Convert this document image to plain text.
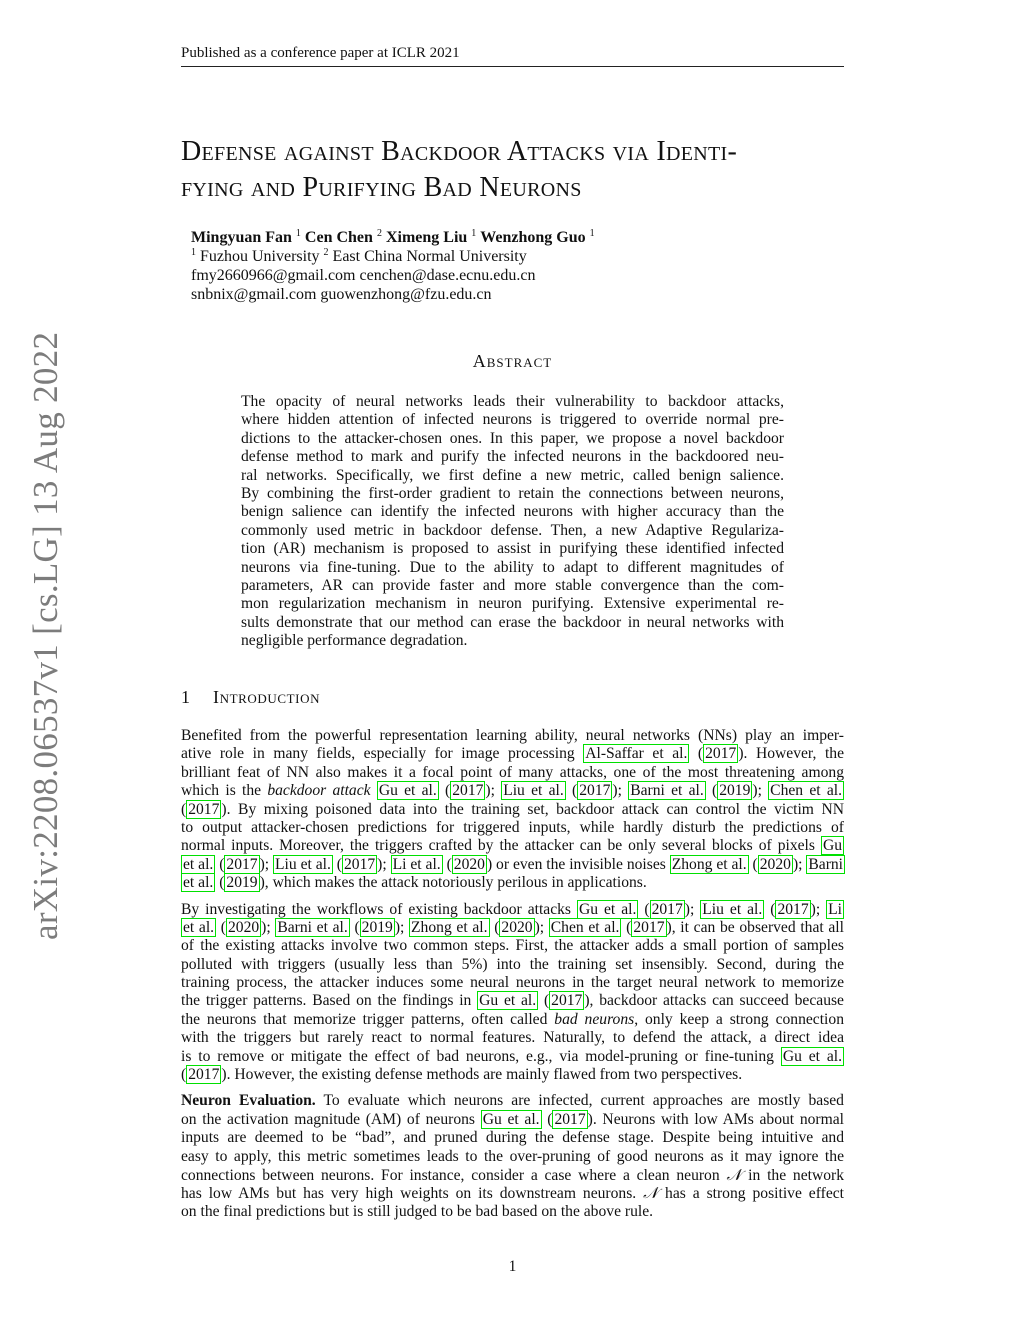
Published as a conference paper at ICLR 2021
arXiv:2208.06537v1 [cs.LG] 13 Aug 2022
Defense against Backdoor Attacks via Identi-
fying and Purifying Bad Neurons
Mingyuan Fan $^1$ Cen Chen $^2$ Ximeng Liu $^1$ Wenzhong Guo $^1$
$^1$ Fuzhou University $^2$ East China Normal University
fmy2660966@gmail.com cenchen@dase.ecnu.edu.cn
snbnix@gmail.com guowenzhong@fzu.edu.cn
Abstract
The opacity of neural networks leads their vulnerability to backdoor attacks,
where hidden attention of infected neurons is triggered to override normal pre-
dictions to the attacker-chosen ones. In this paper, we propose a novel backdoor
defense method to mark and purify the infected neurons in the backdoored neu-
ral networks. Specifically, we first define a new metric, called benign salience.
By combining the first-order gradient to retain the connections between neurons,
benign salience can identify the infected neurons with higher accuracy than the
commonly used metric in backdoor defense. Then, a new Adaptive Regulariza-
tion (AR) mechanism is proposed to assist in purifying these identified infected
neurons via fine-tuning. Due to the ability to adapt to different magnitudes of
parameters, AR can provide faster and more stable convergence than the com-
mon regularization mechanism in neuron purifying. Extensive experimental re-
sults demonstrate that our method can erase the backdoor in neural networks with
negligible performance degradation.
1 Introduction
Benefited from the powerful representation learning ability, neural networks (NNs) play an imper-
ative role in many fields, especially for image processing Al-Saffar et al. ( 2017 ). However, the
brilliant feat of NN also makes it a focal point of many attacks, one of the most threatening among
which is the backdoor attack Gu et al. ( 2017 ); Liu et al. ( 2017 ); Barni et al. ( 2019 ); Chen et al.
( 2017 ). By mixing poisoned data into the training set, backdoor attack can control the victim NN
to output attacker-chosen predictions for triggered inputs, while hardly disturb the predictions of
normal inputs. Moreover, the triggers crafted by the attacker can be only several blocks of pixels Gu
et al. ( 2017 ); Liu et al. ( 2017 ); Li et al. ( 2020 ) or even the invisible noises Zhong et al. ( 2020 ); Barni
et al. ( 2019 ), which makes the attack notoriously perilous in applications.
By investigating the workflows of existing backdoor attacks Gu et al. ( 2017 ); Liu et al. ( 2017 ); Li
et al. ( 2020 ); Barni et al. ( 2019 ); Zhong et al. ( 2020 ); Chen et al. ( 2017 ), it can be observed that all
of the existing attacks involve two common steps. First, the attacker adds a small portion of samples
polluted with triggers (usually less than 5%) into the training set insensibly. Second, during the
training process, the attacker induces some neural neurons in the target neural network to memorize
the trigger patterns. Based on the findings in Gu et al. ( 2017 ), backdoor attacks can succeed because
the neurons that memorize trigger patterns, often called bad neurons, only keep a strong connection
with the triggers but rarely react to normal features. Naturally, to defend the attack, a direct idea
is to remove or mitigate the effect of bad neurons, e.g., via model-pruning or fine-tuning Gu et al.
( 2017 ). However, the existing defense methods are mainly flawed from two perspectives.
Neuron Evaluation. To evaluate which neurons are infected, current approaches are mostly based
on the activation magnitude (AM) of neurons Gu et al. ( 2017 ). Neurons with low AMs about normal
inputs are deemed to be “bad”, and pruned during the defense stage. Despite being intuitive and
easy to apply, this metric sometimes leads to the over-pruning of good neurons as it may ignore the
connections between neurons. For instance, consider a case where a clean neuron 𝒩 in the network
has low AMs but has very high weights on its downstream neurons. 𝒩 has a strong positive effect
on the final predictions but is still judged to be bad based on the above rule.
1
